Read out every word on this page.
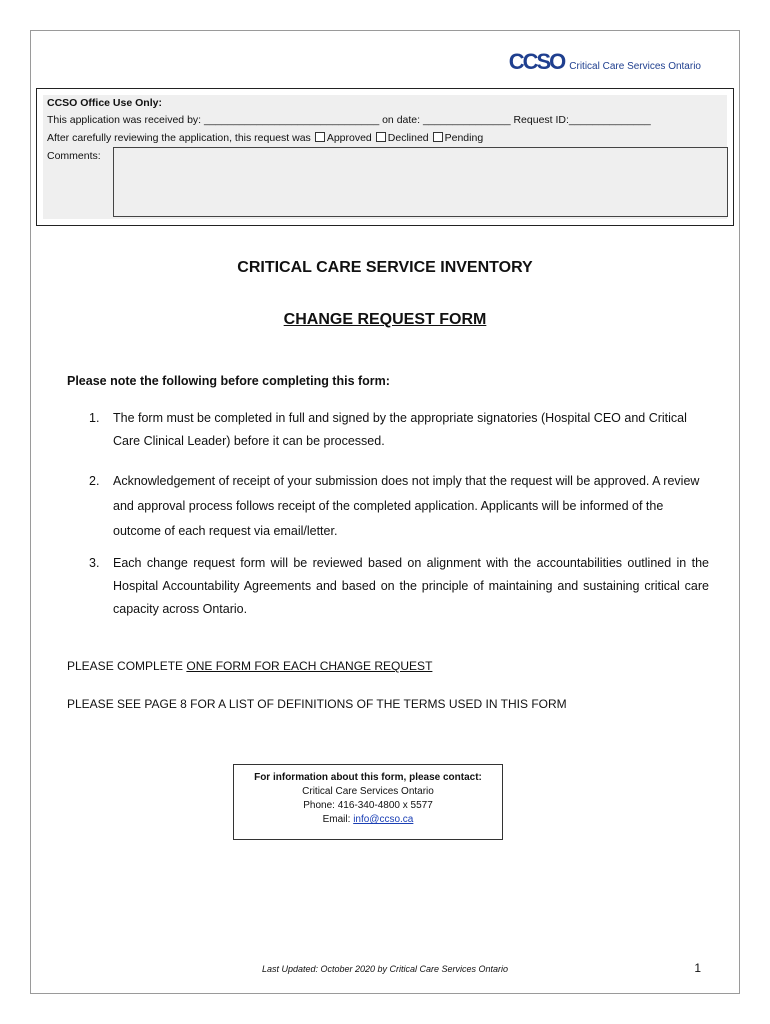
CCSO Critical Care Services Ontario
CCSO Office Use Only:
This application was received by: ______________________________ on date: _______________ Request ID:______________
After carefully reviewing the application, this request was Approved Declined Pending
Comments:
CRITICAL CARE SERVICE INVENTORY
CHANGE REQUEST FORM
Please note the following before completing this form:
1. The form must be completed in full and signed by the appropriate signatories (Hospital CEO and Critical Care Clinical Leader) before it can be processed.
2. Acknowledgement of receipt of your submission does not imply that the request will be approved. A review and approval process follows receipt of the completed application. Applicants will be informed of the outcome of each request via email/letter.
3. Each change request form will be reviewed based on alignment with the accountabilities outlined in the Hospital Accountability Agreements and based on the principle of maintaining and sustaining critical care capacity across Ontario.
PLEASE COMPLETE ONE FORM FOR EACH CHANGE REQUEST
PLEASE SEE PAGE 8 FOR A LIST OF DEFINITIONS OF THE TERMS USED IN THIS FORM
For information about this form, please contact:
Critical Care Services Ontario
Phone: 416-340-4800 x 5577
Email: info@ccso.ca
Last Updated: October 2020 by Critical Care Services Ontario	1
